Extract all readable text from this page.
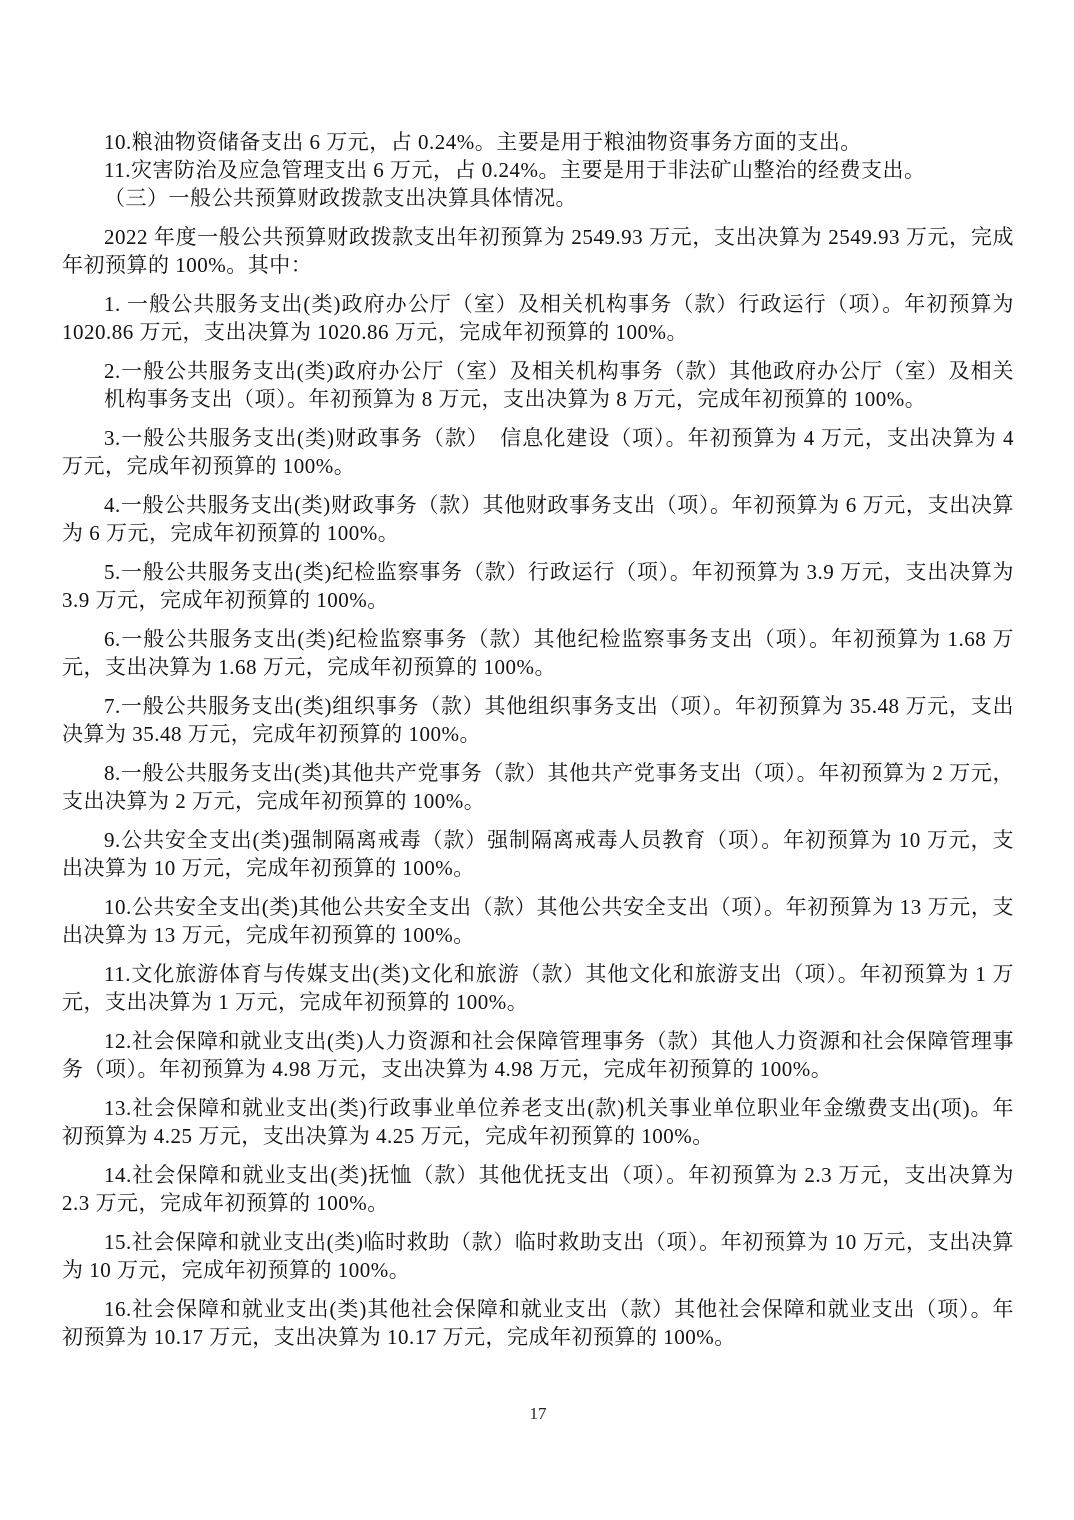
10.粮油物资储备支出 6 万元，占 0.24%。主要是用于粮油物资事务方面的支出。

11.灾害防治及应急管理支出 6 万元，占 0.24%。主要是用于非法矿山整治的经费支出。

（三）一般公共预算财政拨款支出决算具体情况。

2022 年度一般公共预算财政拨款支出年初预算为 2549.93 万元，支出决算为 2549.93 万元，完成年初预算的 100%。其中：

1. 一般公共服务支出(类)政府办公厅（室）及相关机构事务（款）行政运行（项）。年初预算为 1020.86 万元，支出决算为 1020.86 万元，完成年初预算的 100%。

2.一般公共服务支出(类)政府办公厅（室）及相关机构事务（款）其他政府办公厅（室）及相关机构事务支出（项）。年初预算为 8 万元，支出决算为 8 万元，完成年初预算的 100%。

3.一般公共服务支出(类)财政事务（款）　信息化建设（项）。年初预算为 4 万元，支出决算为 4 万元，完成年初预算的 100%。

4.一般公共服务支出(类)财政事务（款）其他财政事务支出（项）。年初预算为 6 万元，支出决算为 6 万元，完成年初预算的 100%。

5.一般公共服务支出(类)纪检监察事务（款）行政运行（项）。年初预算为 3.9 万元，支出决算为 3.9 万元，完成年初预算的 100%。

6.一般公共服务支出(类)纪检监察事务（款）其他纪检监察事务支出（项）。年初预算为 1.68 万元，支出决算为 1.68 万元，完成年初预算的 100%。

7.一般公共服务支出(类)组织事务（款）其他组织事务支出（项）。年初预算为 35.48 万元，支出决算为 35.48 万元，完成年初预算的 100%。

8.一般公共服务支出(类)其他共产党事务（款）其他共产党事务支出（项）。年初预算为 2 万元，支出决算为 2 万元，完成年初预算的 100%。

9.公共安全支出(类)强制隔离戒毒（款）强制隔离戒毒人员教育（项）。年初预算为 10 万元，支出决算为 10 万元，完成年初预算的 100%。

10.公共安全支出(类)其他公共安全支出（款）其他公共安全支出（项）。年初预算为 13 万元，支出决算为 13 万元，完成年初预算的 100%。

11.文化旅游体育与传媒支出(类)文化和旅游（款）其他文化和旅游支出（项）。年初预算为 1 万元，支出决算为 1 万元，完成年初预算的 100%。

12.社会保障和就业支出(类)人力资源和社会保障管理事务（款）其他人力资源和社会保障管理事务（项）。年初预算为 4.98 万元，支出决算为 4.98 万元，完成年初预算的 100%。

13.社会保障和就业支出(类)行政事业单位养老支出(款)机关事业单位职业年金缴费支出(项)。年初预算为 4.25 万元，支出决算为 4.25 万元，完成年初预算的 100%。

14.社会保障和就业支出(类)抚恤（款）其他优抚支出（项）。年初预算为 2.3 万元，支出决算为 2.3 万元，完成年初预算的 100%。

15.社会保障和就业支出(类)临时救助（款）临时救助支出（项）。年初预算为 10 万元，支出决算为 10 万元，完成年初预算的 100%。

16.社会保障和就业支出(类)其他社会保障和就业支出（款）其他社会保障和就业支出（项）。年初预算为 10.17 万元，支出决算为 10.17 万元，完成年初预算的 100%。

17
